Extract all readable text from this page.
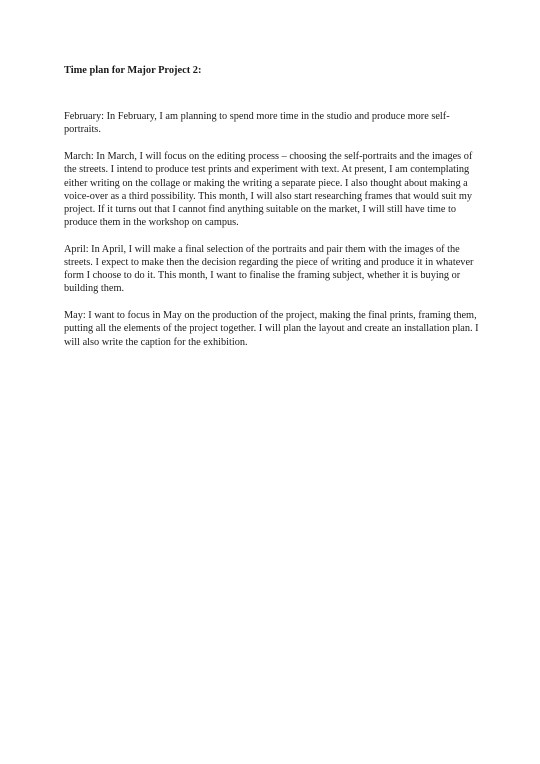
Time plan for Major Project 2:

February: In February, I am planning to spend more time in the studio and produce more self-portraits.

March: In March, I will focus on the editing process – choosing the self-portraits and the images of the streets. I intend to produce test prints and experiment with text. At present, I am contemplating either writing on the collage or making the writing a separate piece. I also thought about making a voice-over as a third possibility. This month, I will also start researching frames that would suit my project. If it turns out that I cannot find anything suitable on the market, I will still have time to produce them in the workshop on campus.

April: In April, I will make a final selection of the portraits and pair them with the images of the streets. I expect to make then the decision regarding the piece of writing and produce it in whatever form I choose to do it. This month, I want to finalise the framing subject, whether it is buying or building them.

May: I want to focus in May on the production of the project, making the final prints, framing them, putting all the elements of the project together. I will plan the layout and create an installation plan. I will also write the caption for the exhibition.
